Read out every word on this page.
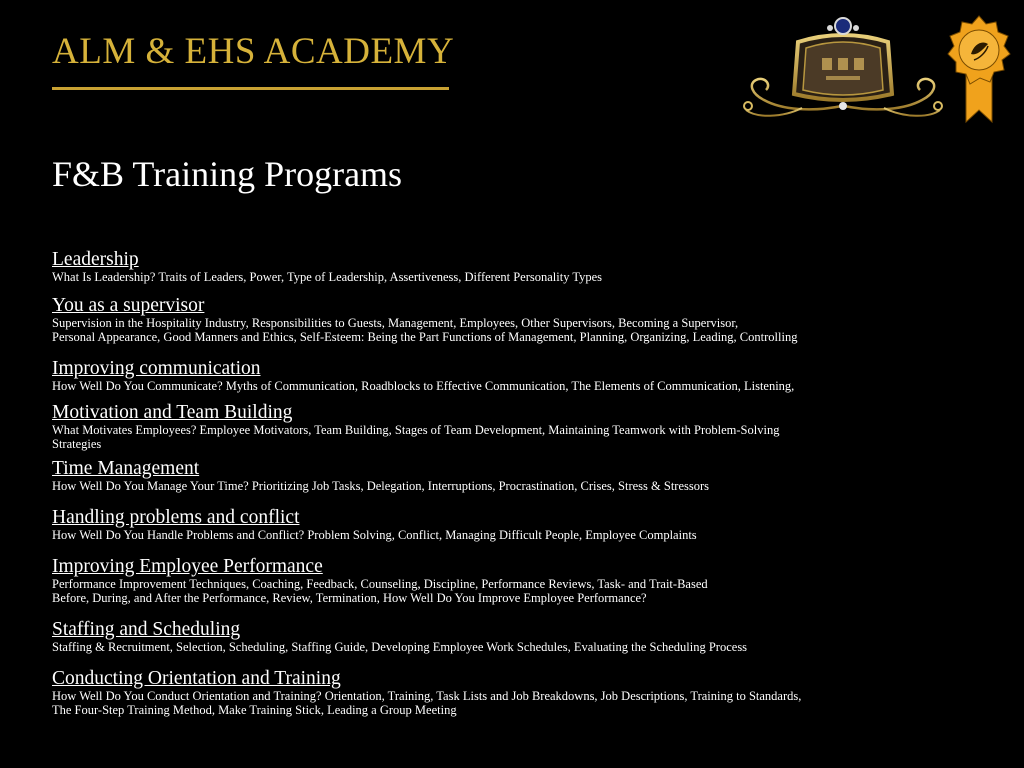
ALM & EHS ACADEMY
F&B Training Programs
Leadership
What Is Leadership? Traits of Leaders, Power, Type of Leadership, Assertiveness, Different Personality Types
You as a supervisor
Supervision in the Hospitality Industry, Responsibilities to Guests, Management, Employees, Other Supervisors, Becoming a Supervisor,
Personal Appearance, Good Manners and Ethics, Self-Esteem: Being the Part Functions of Management, Planning, Organizing, Leading, Controlling
Improving communication
How Well Do You Communicate? Myths of Communication, Roadblocks to Effective Communication, The Elements of Communication, Listening,
Motivation and Team Building
What Motivates Employees? Employee Motivators, Team Building, Stages of Team Development, Maintaining Teamwork with Problem-Solving
Strategies
Time Management
How Well Do You Manage Your Time? Prioritizing Job Tasks, Delegation, Interruptions, Procrastination, Crises, Stress & Stressors
Handling problems and conflict
How Well Do You Handle Problems and Conflict? Problem Solving, Conflict, Managing Difficult People, Employee Complaints
Improving Employee Performance
Performance Improvement Techniques, Coaching, Feedback, Counseling, Discipline, Performance Reviews, Task- and Trait-Based
Before, During, and After the Performance, Review, Termination, How Well Do You Improve Employee Performance?
Staffing and Scheduling
Staffing & Recruitment, Selection, Scheduling, Staffing Guide, Developing Employee Work Schedules, Evaluating the Scheduling Process
Conducting Orientation and Training
How Well Do You Conduct Orientation and Training? Orientation, Training, Task Lists and Job Breakdowns, Job Descriptions, Training to Standards,
The Four-Step Training Method, Make Training Stick, Leading a Group Meeting
